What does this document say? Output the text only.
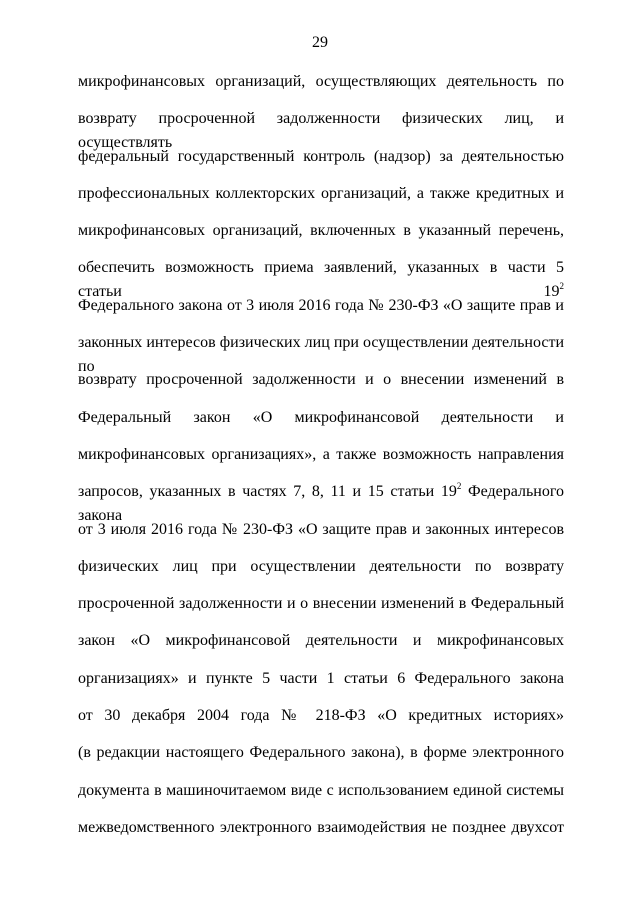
29
микрофинансовых организаций, осуществляющих деятельность по
возврату просроченной задолженности физических лиц, и осуществлять
федеральный государственный контроль (надзор) за деятельностью
профессиональных коллекторских организаций, а также кредитных и
микрофинансовых организаций, включенных в указанный перечень,
обеспечить возможность приема заявлений, указанных в части 5 статьи $19^2$
Федерального закона от 3 июля 2016 года № 230-ФЗ «О защите прав и
законных интересов физических лиц при осуществлении деятельности по
возврату просроченной задолженности и о внесении изменений в
Федеральный закон «О микрофинансовой деятельности и
микрофинансовых организациях», а также возможность направления
запросов, указанных в частях 7, 8, 11 и 15 статьи $19^2$ Федерального закона
от 3 июля 2016 года № 230-ФЗ «О защите прав и законных интересов
физических лиц при осуществлении деятельности по возврату
просроченной задолженности и о внесении изменений в Федеральный
закон «О микрофинансовой деятельности и микрофинансовых
организациях» и пункте 5 части 1 статьи 6 Федерального закона
от 30 декабря 2004 года № 218-ФЗ «О кредитных историях»
(в редакции настоящего Федерального закона), в форме электронного
документа в машиночитаемом виде с использованием единой системы
межведомственного электронного взаимодействия не позднее двухсот
